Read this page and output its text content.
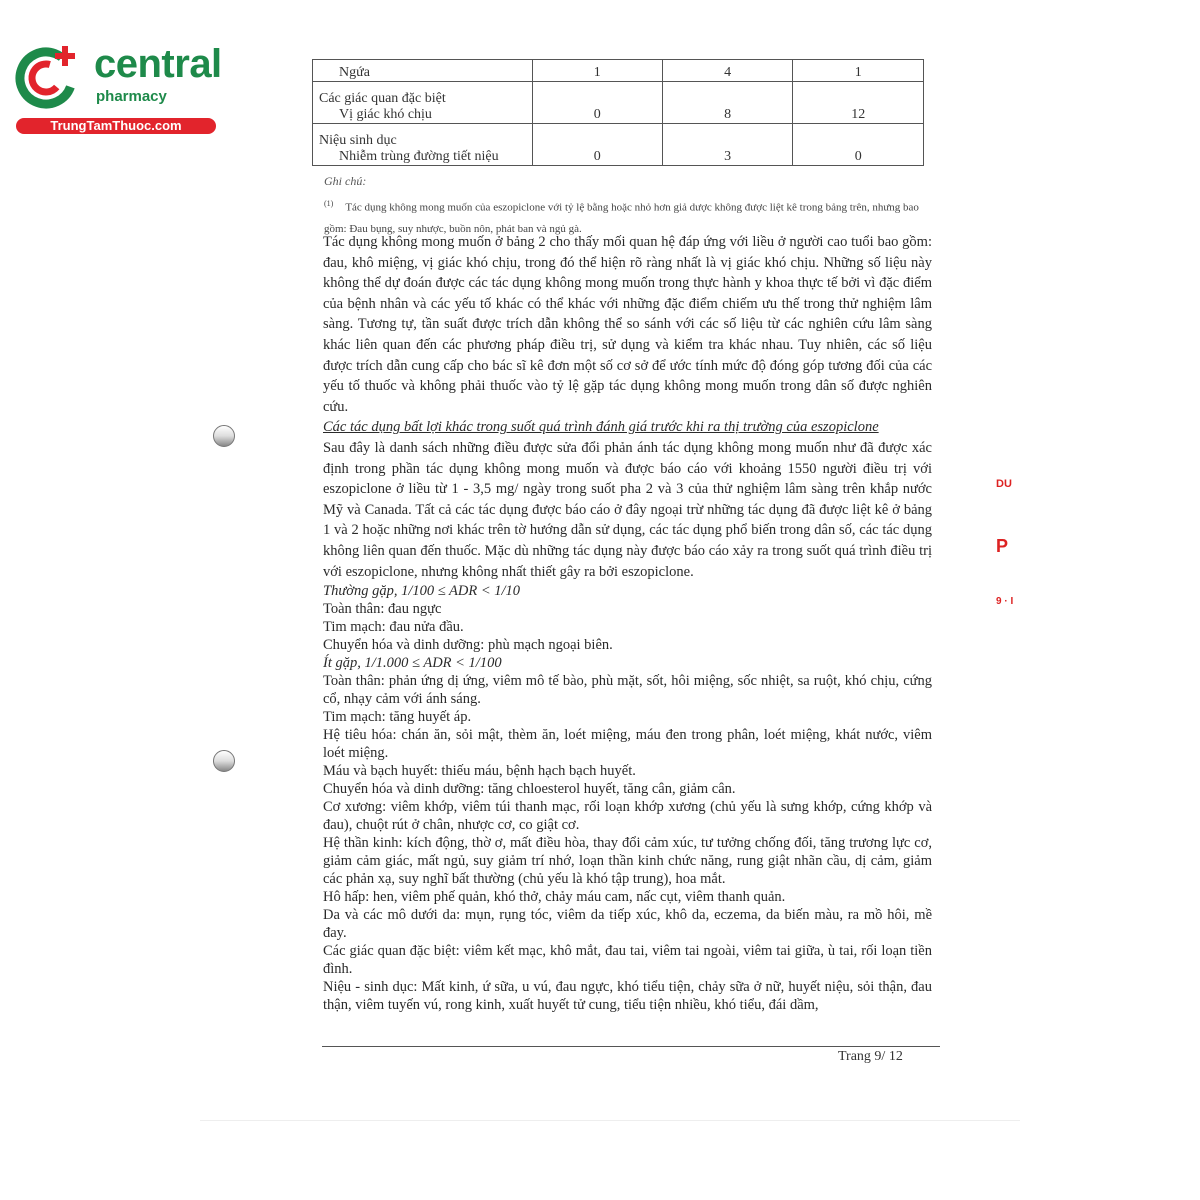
central
pharmacy
TrungTamThuoc.com
Ngứa	1	4	1
Các giác quan đặc biệt
Vị giác khó chịu	0	8	12
Niệu sinh dục
Nhiễm trùng đường tiết niệu	0	3	0
Ghi chú:
$^{(1)}$ Tác dụng không mong muốn của eszopiclone với tỷ lệ bằng hoặc nhỏ hơn giả dược không được liệt kê trong bảng trên, nhưng bao gồm: Đau bụng, suy nhược, buồn nôn, phát ban và ngủ gà.

Tác dụng không mong muốn ở bảng 2 cho thấy mối quan hệ đáp ứng với liều ở người cao tuổi bao gồm: đau, khô miệng, vị giác khó chịu, trong đó thể hiện rõ ràng nhất là vị giác khó chịu. Những số liệu này không thể dự đoán được các tác dụng không mong muốn trong thực hành y khoa thực tế bởi vì đặc điểm của bệnh nhân và các yếu tố khác có thể khác với những đặc điểm chiếm ưu thế trong thử nghiệm lâm sàng. Tương tự, tần suất được trích dẫn không thể so sánh với các số liệu từ các nghiên cứu lâm sàng khác liên quan đến các phương pháp điều trị, sử dụng và kiểm tra khác nhau. Tuy nhiên, các số liệu được trích dẫn cung cấp cho bác sĩ kê đơn một số cơ sở để ước tính mức độ đóng góp tương đối của các yếu tố thuốc và không phải thuốc vào tỷ lệ gặp tác dụng không mong muốn trong dân số được nghiên cứu.

Các tác dụng bất lợi khác trong suốt quá trình đánh giá trước khi ra thị trường của eszopiclone

Sau đây là danh sách những điều được sửa đổi phản ánh tác dụng không mong muốn như đã được xác định trong phần tác dụng không mong muốn và được báo cáo với khoảng 1550 người điều trị với eszopiclone ở liều từ 1 - 3,5 mg/ ngày trong suốt pha 2 và 3 của thử nghiệm lâm sàng trên khắp nước Mỹ và Canada. Tất cả các tác dụng được báo cáo ở đây ngoại trừ những tác dụng đã được liệt kê ở bảng 1 và 2 hoặc những nơi khác trên tờ hướng dẫn sử dụng, các tác dụng phổ biến trong dân số, các tác dụng không liên quan đến thuốc. Mặc dù những tác dụng này được báo cáo xảy ra trong suốt quá trình điều trị với eszopiclone, nhưng không nhất thiết gây ra bởi eszopiclone.

Thường gặp, 1/100 ≤ ADR < 1/10

Toàn thân: đau ngực

Tim mạch: đau nửa đầu.

Chuyển hóa và dinh dưỡng: phù mạch ngoại biên.

Ít gặp, 1/1.000 ≤ ADR < 1/100

Toàn thân: phản ứng dị ứng, viêm mô tế bào, phù mặt, sốt, hôi miệng, sốc nhiệt, sa ruột, khó chịu, cứng cổ, nhạy cảm với ánh sáng.

Tim mạch: tăng huyết áp.

Hệ tiêu hóa: chán ăn, sỏi mật, thèm ăn, loét miệng, máu đen trong phân, loét miệng, khát nước, viêm loét miệng.

Máu và bạch huyết: thiếu máu, bệnh hạch bạch huyết.

Chuyển hóa và dinh dưỡng: tăng chloesterol huyết, tăng cân, giảm cân.

Cơ xương: viêm khớp, viêm túi thanh mạc, rối loạn khớp xương (chủ yếu là sưng khớp, cứng khớp và đau), chuột rút ở chân, nhược cơ, co giật cơ.

Hệ thần kinh: kích động, thờ ơ, mất điều hòa, thay đổi cảm xúc, tư tưởng chống đối, tăng trương lực cơ, giảm cảm giác, mất ngủ, suy giảm trí nhớ, loạn thần kinh chức năng, rung giật nhãn cầu, dị cảm, giảm các phản xạ, suy nghĩ bất thường (chủ yếu là khó tập trung), hoa mắt.

Hô hấp: hen, viêm phế quản, khó thở, chảy máu cam, nấc cụt, viêm thanh quản.

Da và các mô dưới da: mụn, rụng tóc, viêm da tiếp xúc, khô da, eczema, da biến màu, ra mồ hôi, mề đay.

Các giác quan đặc biệt: viêm kết mạc, khô mắt, đau tai, viêm tai ngoài, viêm tai giữa, ù tai, rối loạn tiền đình.

Niệu - sinh dục: Mất kinh, ứ sữa, u vú, đau ngực, khó tiểu tiện, chảy sữa ở nữ, huyết niệu, sỏi thận, đau thận, viêm tuyến vú, rong kinh, xuất huyết tử cung, tiểu tiện nhiều, khó tiểu, đái dầm,

Trang 9/ 12
DU
P
9 · I
